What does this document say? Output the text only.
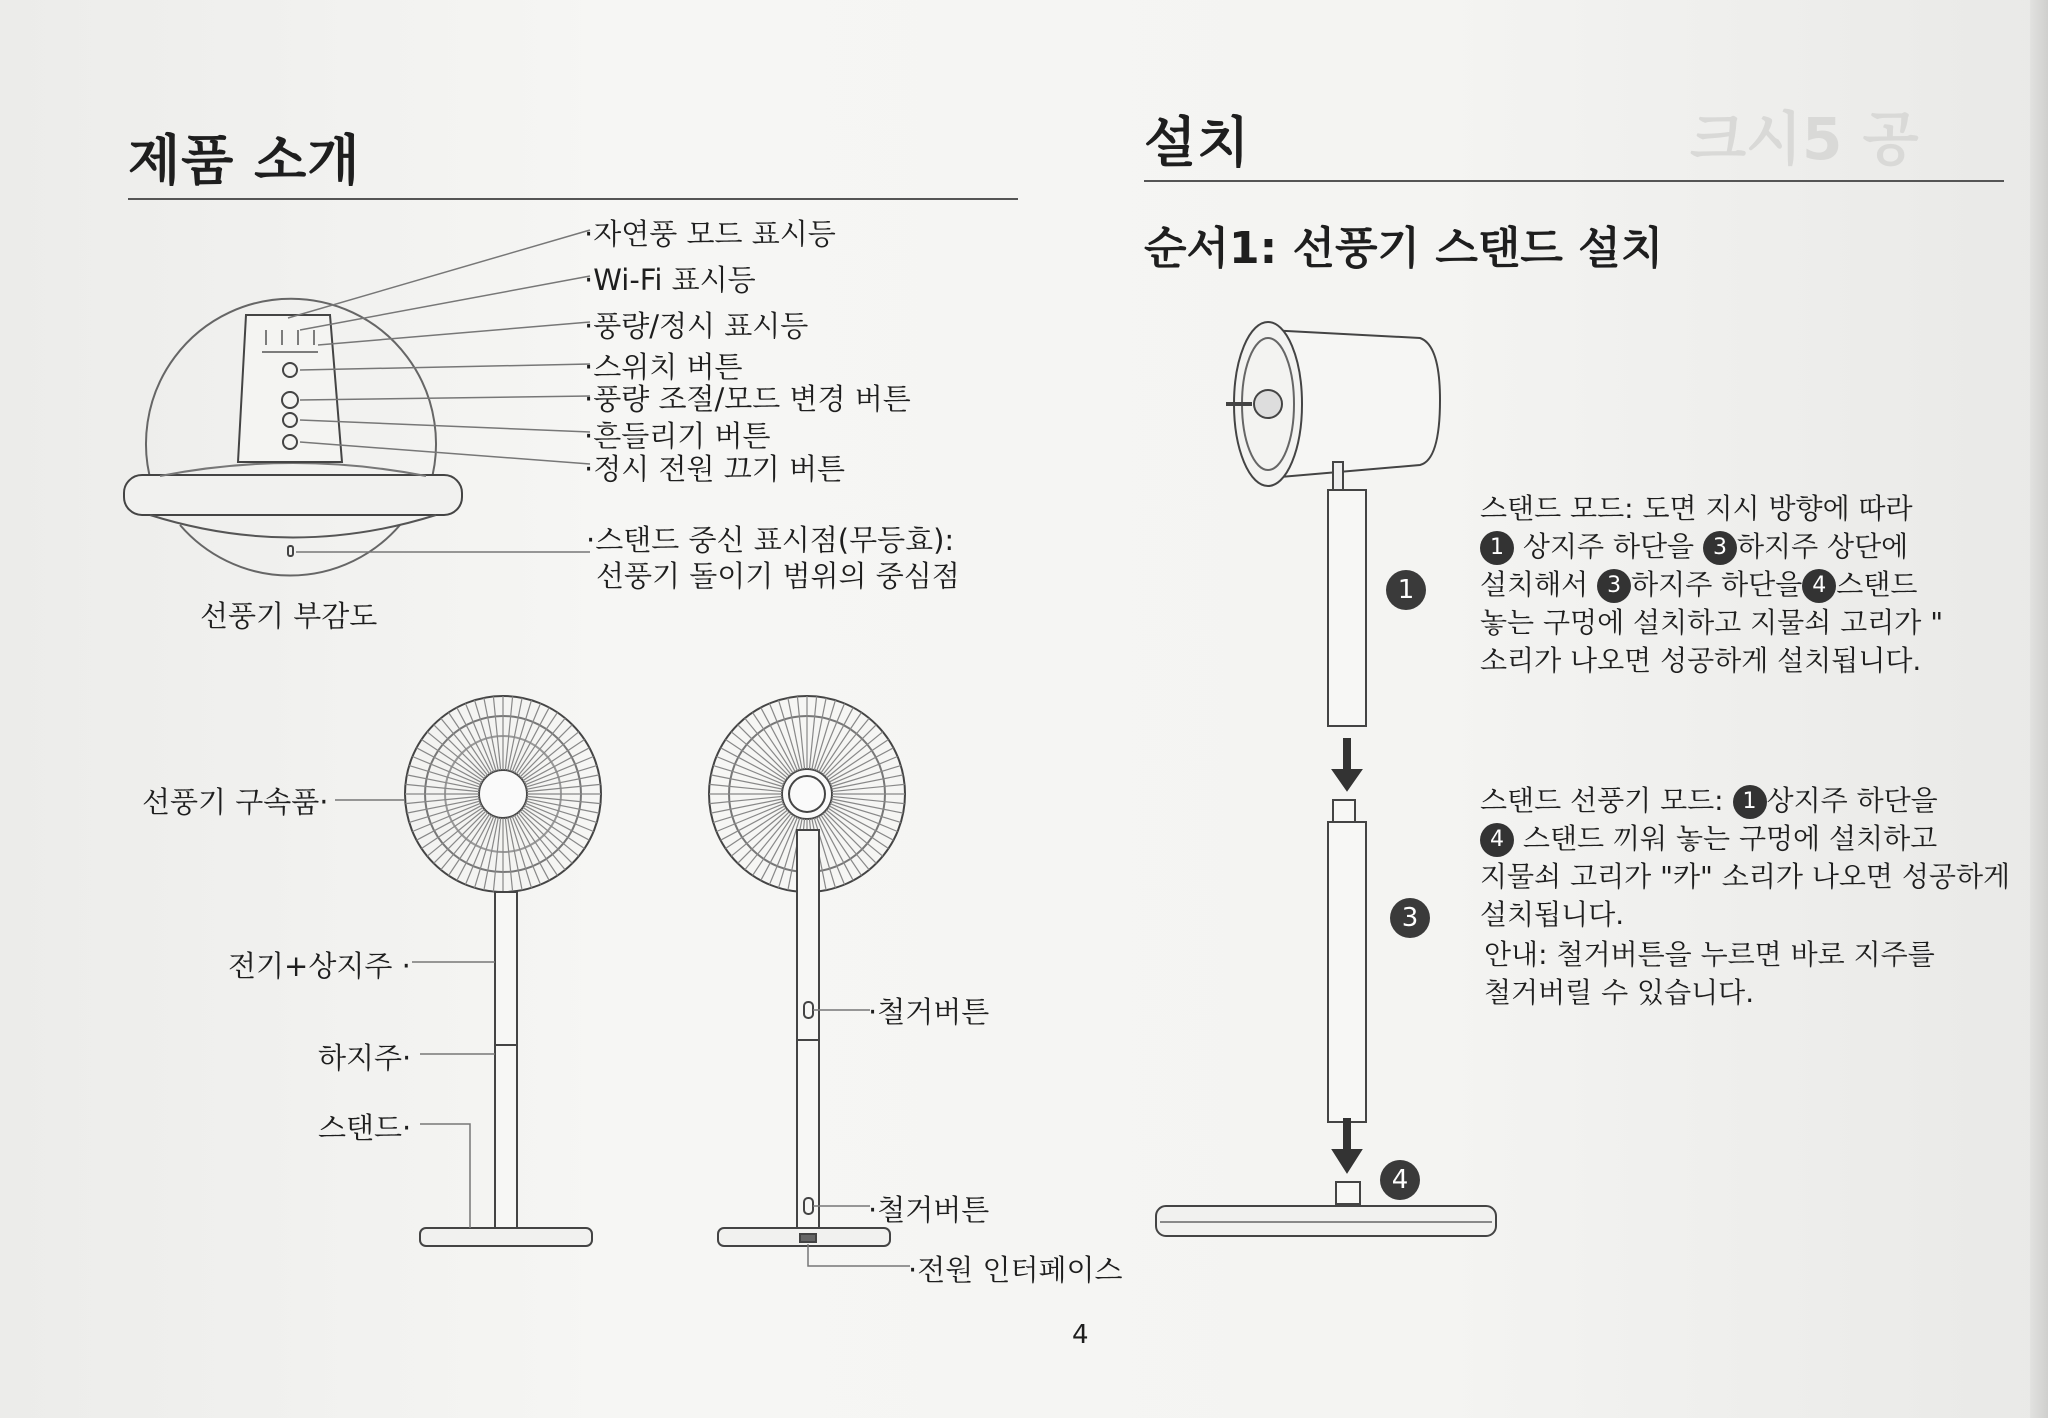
제품 소개
·자연풍 모드 표시등
·Wi-Fi 표시등
·풍량/정시 표시등
·스위치 버튼
·풍량 조절/모드 변경 버튼
·흔들리기 버튼
·정시 전원 끄기 버튼
·스탠드 중신 표시점(무등효):
선풍기 돌이기 범위의 중심점
선풍기 부감도
선풍기 구속품·
전기+상지주 ·
하지주·
스탠드·
·철거버튼
·철거버튼
·전원 인터페이스
설치	크시5 공
순서1: 선풍기 스탠드 설치
1
3
4
스탠드 모드: 도면 지시 방향에 따라
1 상지주 하단을 3 하지주 상단에
설치해서 3 하지주 하단을 4 스탠드
놓는 구멍에 설치하고 지물쇠 고리가 "
소리가 나오면 성공하게 설치됩니다.
스탠드 선풍기 모드: 1 상지주 하단을
4 스탠드 끼워 놓는 구멍에 설치하고
지물쇠 고리가 "카" 소리가 나오면 성공하게
설치됩니다.
안내: 철거버튼을 누르면 바로 지주를
철거버릴 수 있습니다.
4
